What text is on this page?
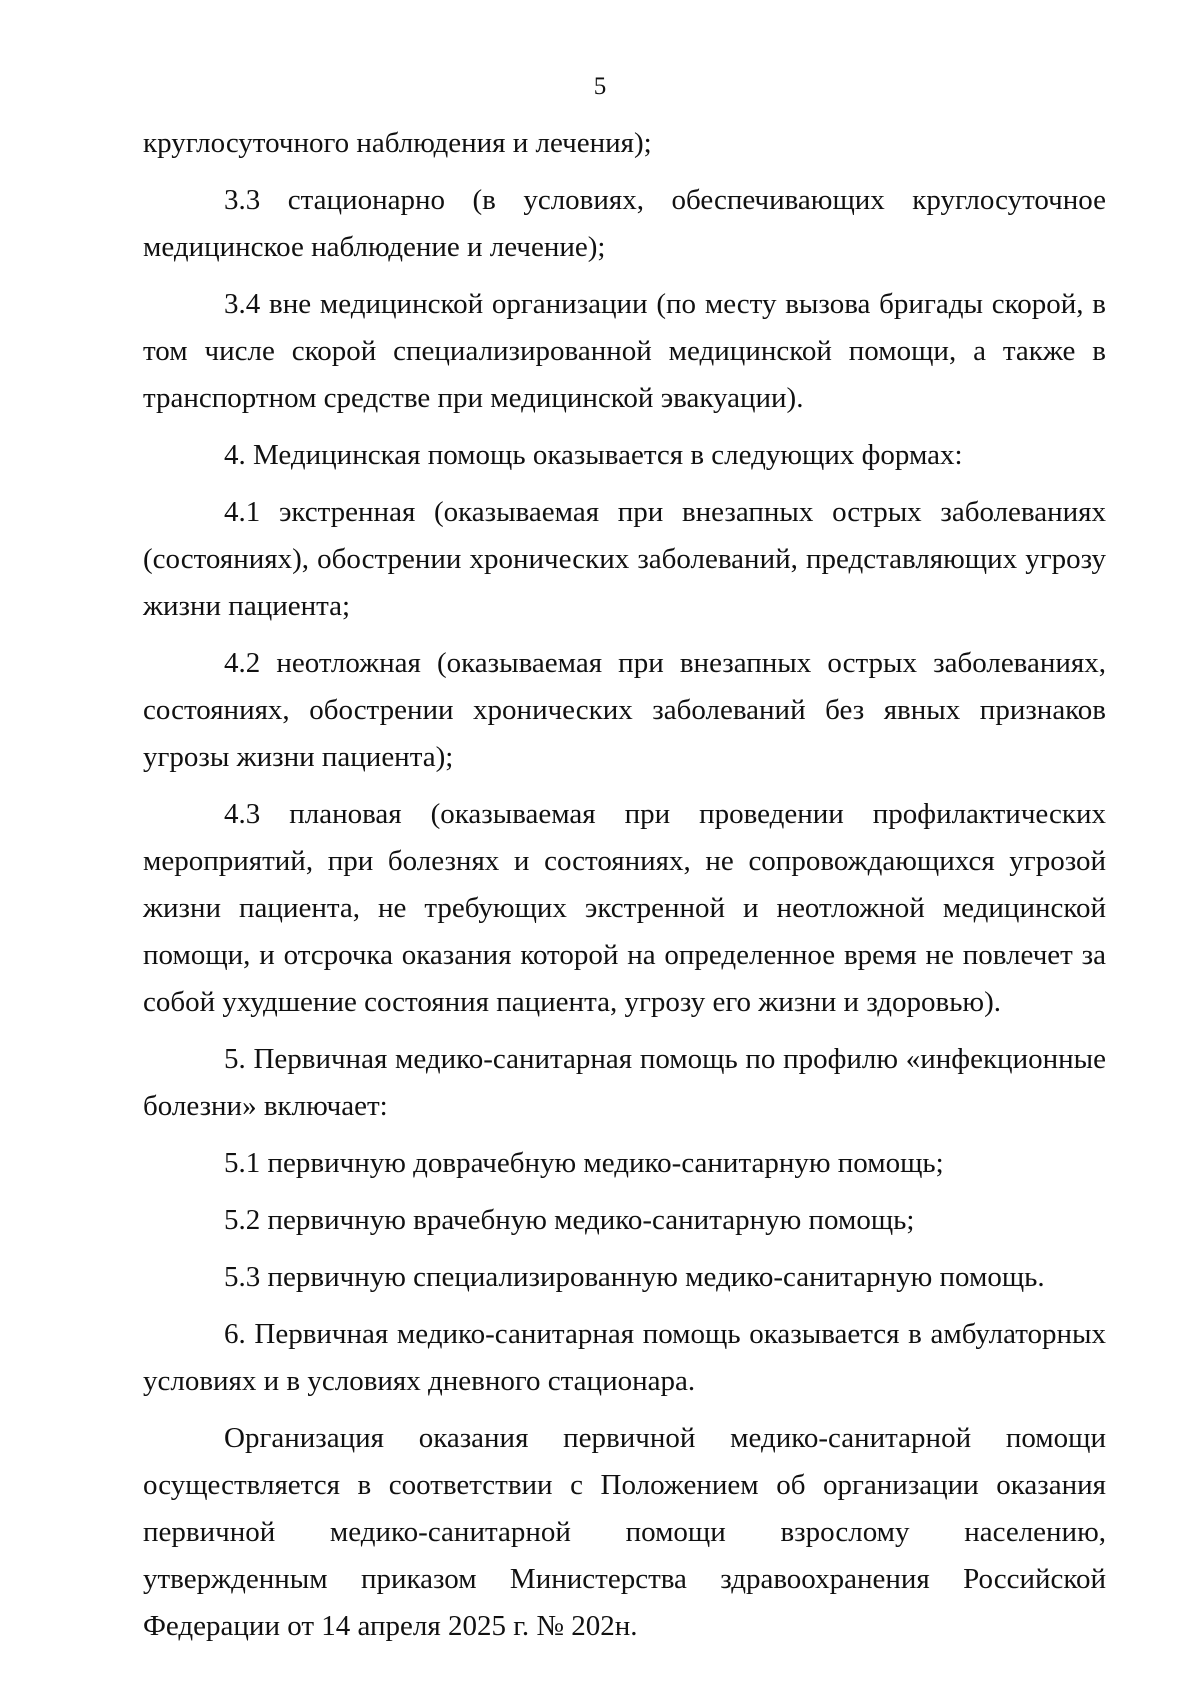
5

круглосуточного наблюдения и лечения);

3.3 стационарно (в условиях, обеспечивающих круглосуточное медицинское наблюдение и лечение);

3.4 вне медицинской организации (по месту вызова бригады скорой, в том числе скорой специализированной медицинской помощи, а также в транспортном средстве при медицинской эвакуации).

4. Медицинская помощь оказывается в следующих формах:

4.1 экстренная (оказываемая при внезапных острых заболеваниях (состояниях), обострении хронических заболеваний, представляющих угрозу жизни пациента;

4.2 неотложная (оказываемая при внезапных острых заболеваниях, состояниях, обострении хронических заболеваний без явных признаков угрозы жизни пациента);

4.3 плановая (оказываемая при проведении профилактических мероприятий, при болезнях и состояниях, не сопровождающихся угрозой жизни пациента, не требующих экстренной и неотложной медицинской помощи, и отсрочка оказания которой на определенное время не повлечет за собой ухудшение состояния пациента, угрозу его жизни и здоровью).

5. Первичная медико-санитарная помощь по профилю «инфекционные болезни» включает:

5.1 первичную доврачебную медико-санитарную помощь;

5.2 первичную врачебную медико-санитарную помощь;

5.3 первичную специализированную медико-санитарную помощь.

6. Первичная медико-санитарная помощь оказывается в амбулаторных условиях и в условиях дневного стационара.

Организация оказания первичной медико-санитарной помощи осуществляется в соответствии с Положением об организации оказания первичной медико-санитарной помощи взрослому населению, утвержденным приказом Министерства здравоохранения Российской Федерации от 14 апреля 2025 г. № 202н.
